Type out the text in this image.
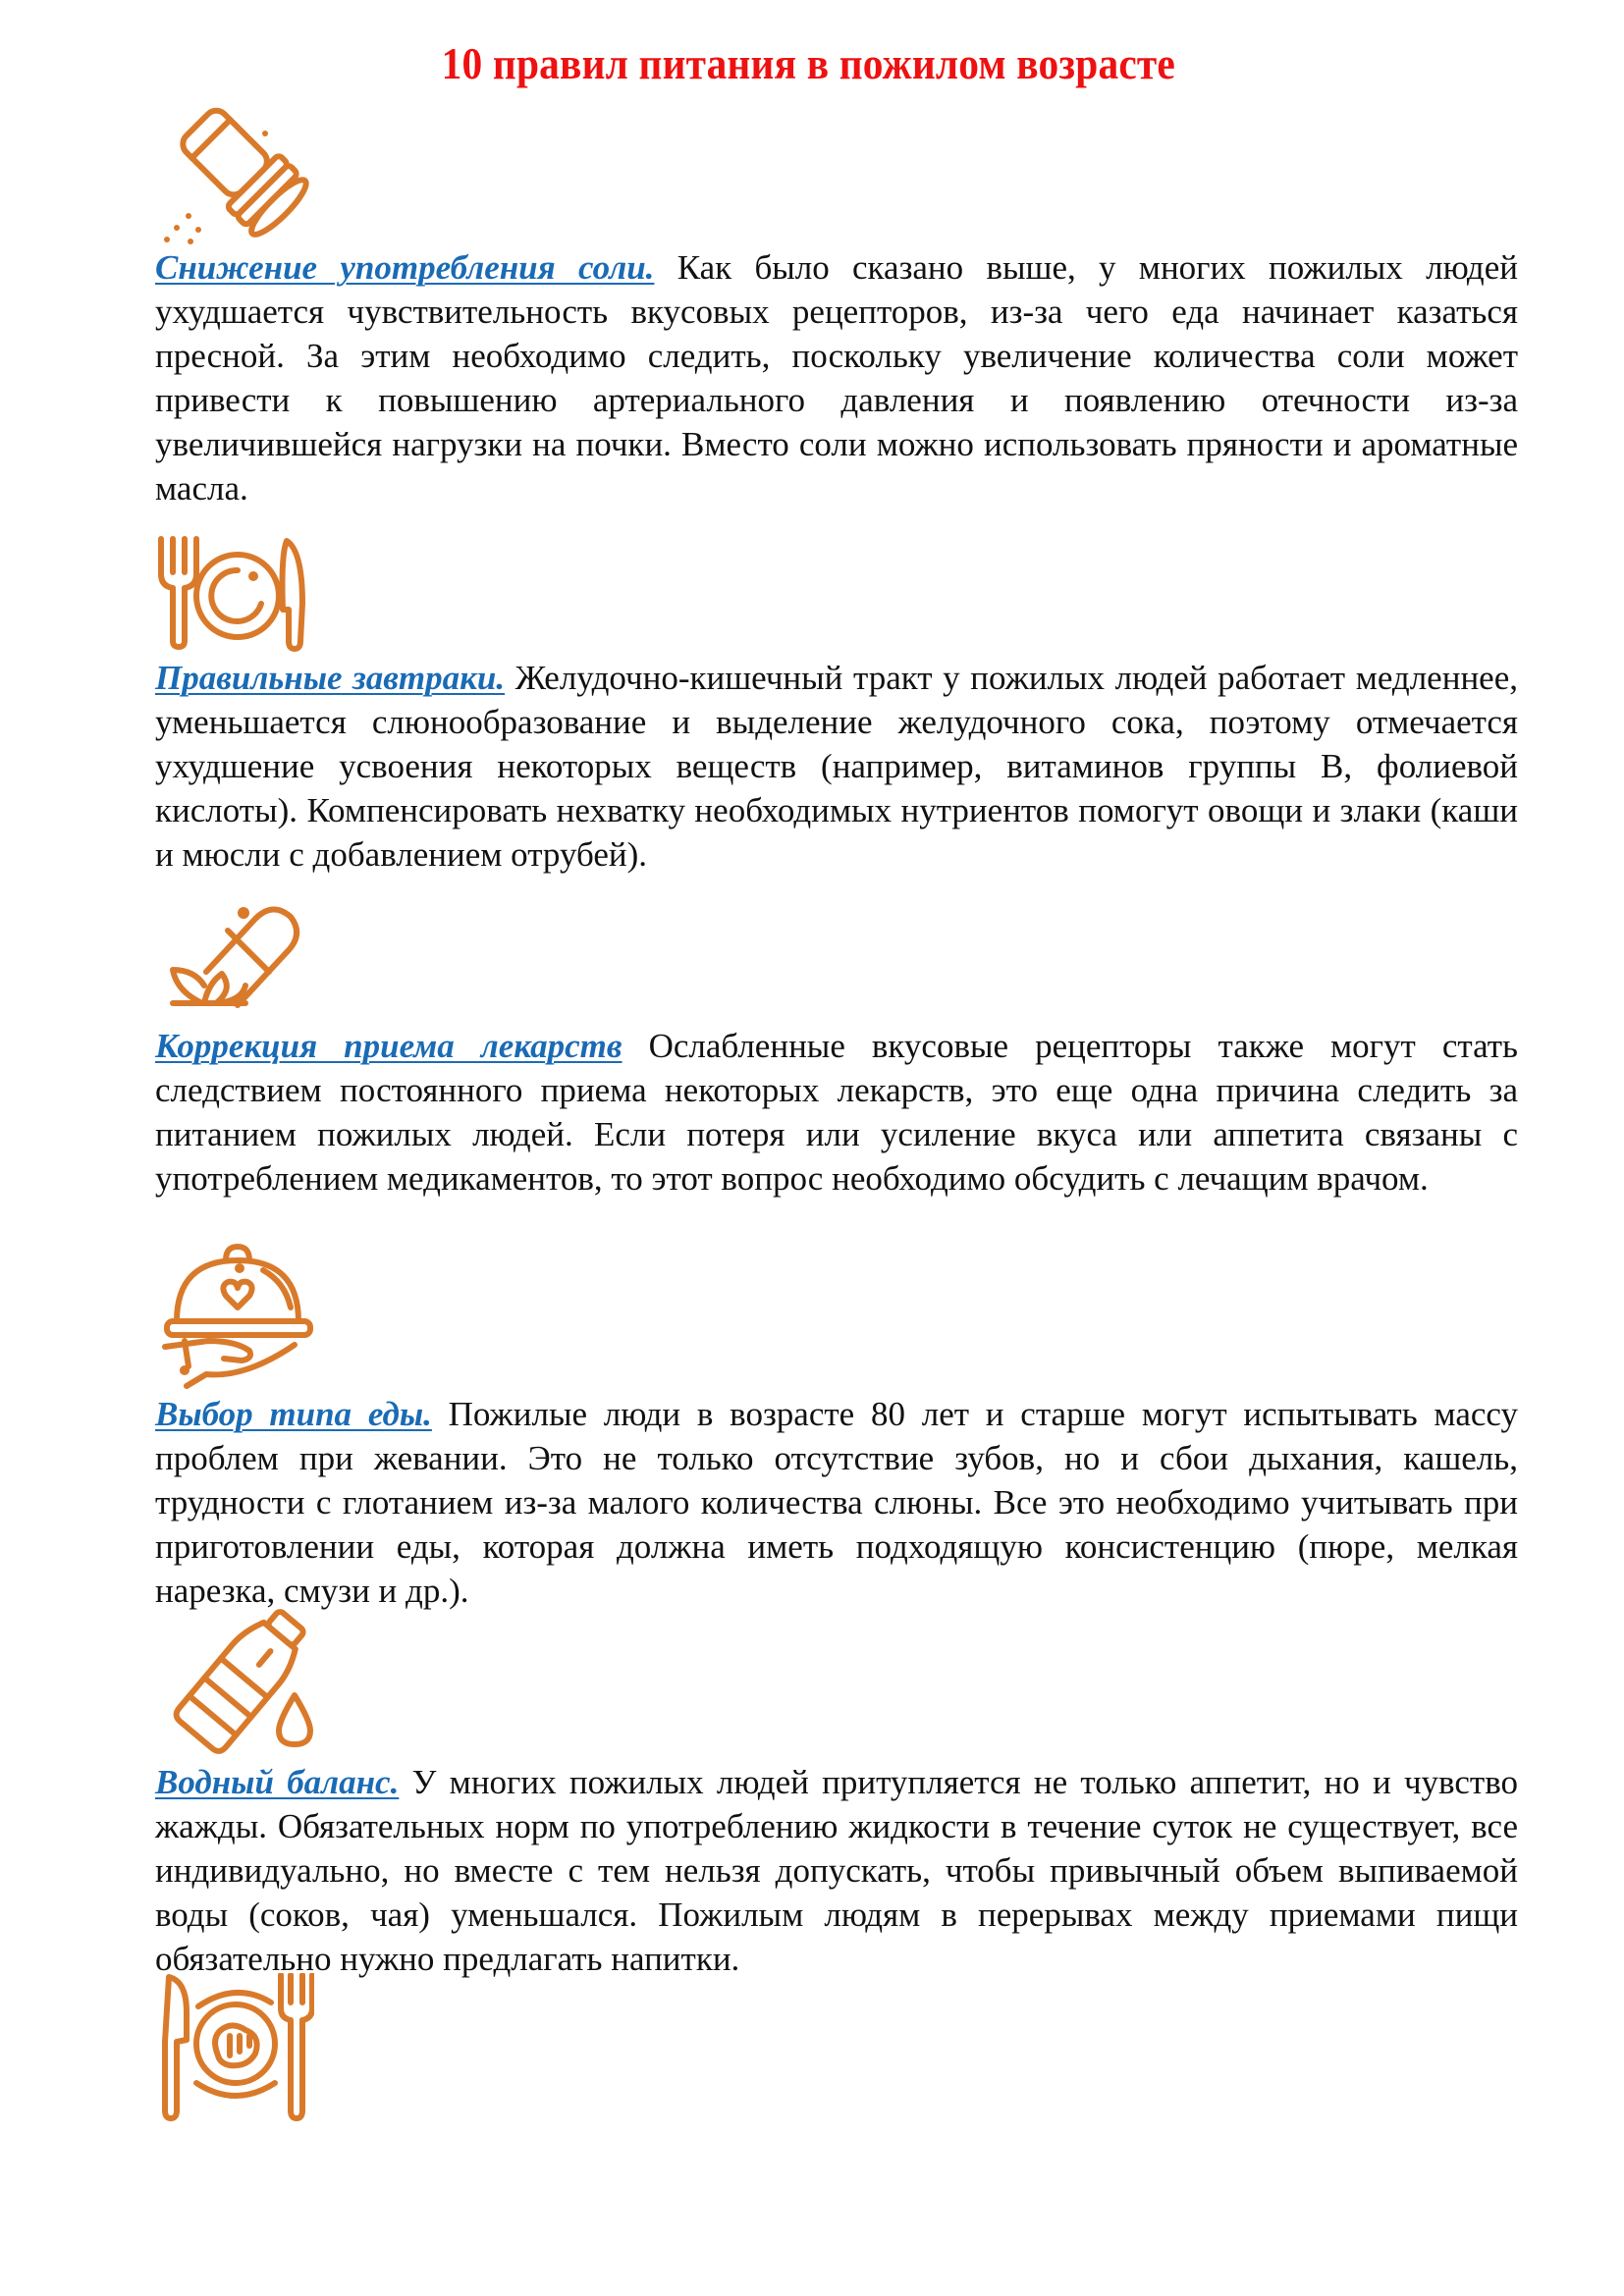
10 правил питания в пожилом возрасте
Снижение употребления соли. Как было сказано выше, у многих пожилых людей ухудшается чувствительность вкусовых рецепторов, из-за чего еда начинает казаться пресной. За этим необходимо следить, поскольку увеличение количества соли может привести к повышению артериального давления и появлению отечности из-за увеличившейся нагрузки на почки. Вместо соли можно использовать пряности и ароматные масла.
Правильные завтраки. Желудочно-кишечный тракт у пожилых людей работает медленнее, уменьшается слюнообразование и выделение желудочного сока, поэтому отмечается ухудшение усвоения некоторых веществ (например, витаминов группы В, фолиевой кислоты). Компенсировать нехватку необходимых нутриентов помогут овощи и злаки (каши и мюсли с добавлением отрубей).
Коррекция приема лекарств Ослабленные вкусовые рецепторы также могут стать следствием постоянного приема некоторых лекарств, это еще одна причина следить за питанием пожилых людей. Если потеря или усиление вкуса или аппетита связаны с употреблением медикаментов, то этот вопрос необходимо обсудить с лечащим врачом.
Выбор типа еды. Пожилые люди в возрасте 80 лет и старше могут испытывать массу проблем при жевании. Это не только отсутствие зубов, но и сбои дыхания, кашель, трудности с глотанием из-за малого количества слюны. Все это необходимо учитывать при приготовлении еды, которая должна иметь подходящую консистенцию (пюре, мелкая нарезка, смузи и др.).
Водный баланс. У многих пожилых людей притупляется не только аппетит, но и чувство жажды. Обязательных норм по употреблению жидкости в течение суток не существует, все индивидуально, но вместе с тем нельзя допускать, чтобы привычный объем выпиваемой воды (соков, чая) уменьшался. Пожилым людям в перерывах между приемами пищи обязательно нужно предлагать напитки.
